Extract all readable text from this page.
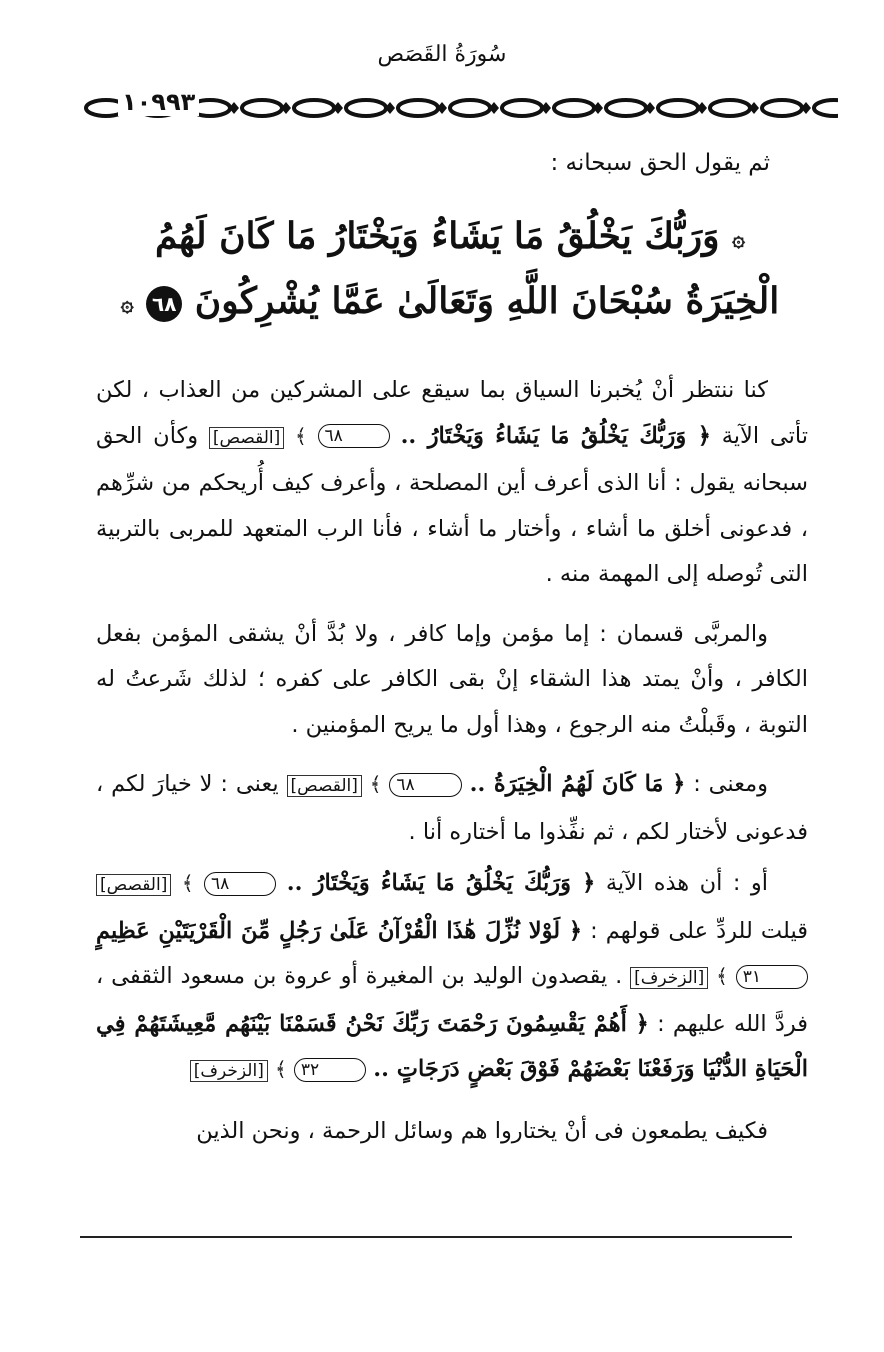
سُورَةُ القَصَص
١٠٩٩٣
ثم يقول الحق سبحانه :
۞ وَرَبُّكَ يَخْلُقُ مَا يَشَاءُ وَيَخْتَارُ مَا كَانَ لَهُمُ
الْخِيَرَةُ سُبْحَانَ اللَّهِ وَتَعَالَىٰ عَمَّا يُشْرِكُونَ ٦٨ ۞

كنا ننتظر أنْ يُخبرنا السياق بما سيقع على المشركين من العذاب ، لكن تأتى الآية ﴿ وَرَبُّكَ يَخْلُقُ مَا يَشَاءُ وَيَخْتَارُ .. ٦٨ ﴾ [القصص] وكأن الحق سبحانه يقول : أنا الذى أعرف أين المصلحة ، وأعرف كيف أُريحكم من شرِّهم ، فدعونى أخلق ما أشاء ، وأختار ما أشاء ، فأنا الرب المتعهد للمربى بالتربية التى تُوصله إلى المهمة منه .

والمربَّى قسمان : إما مؤمن وإما كافر ، ولا بُدَّ أنْ يشقى المؤمن بفعل الكافر ، وأنْ يمتد هذا الشقاء إنْ بقى الكافر على كفره ؛ لذلك شَرعتُ له التوبة ، وقَبلْتُ منه الرجوع ، وهذا أول ما يريح المؤمنين .

ومعنى : ﴿ مَا كَانَ لَهُمُ الْخِيَرَةُ .. ٦٨ ﴾ [القصص] يعنى : لا خيارَ لكم ، فدعونى لأختار لكم ، ثم نفِّذوا ما أختاره أنا .

أو : أن هذه الآية ﴿ وَرَبُّكَ يَخْلُقُ مَا يَشَاءُ وَيَخْتَارُ .. ٦٨ ﴾ [القصص] قيلت للردِّ على قولهم : ﴿ لَوْلا نُزِّلَ هَٰذَا الْقُرْآنُ عَلَىٰ رَجُلٍ مِّنَ الْقَرْيَتَيْنِ عَظِيمٍ ٣١ ﴾ [الزخرف] . يقصدون الوليد بن المغيرة أو عروة بن مسعود الثقفى ، فردَّ الله عليهم : ﴿ أَهُمْ يَقْسِمُونَ رَحْمَتَ رَبِّكَ نَحْنُ قَسَمْنَا بَيْنَهُم مَّعِيشَتَهُمْ فِي الْحَيَاةِ الدُّنْيَا وَرَفَعْنَا بَعْضَهُمْ فَوْقَ بَعْضٍ دَرَجَاتٍ .. ٣٢ ﴾ [الزخرف]

فكيف يطمعون فى أنْ يختاروا هم وسائل الرحمة ، ونحن الذين
